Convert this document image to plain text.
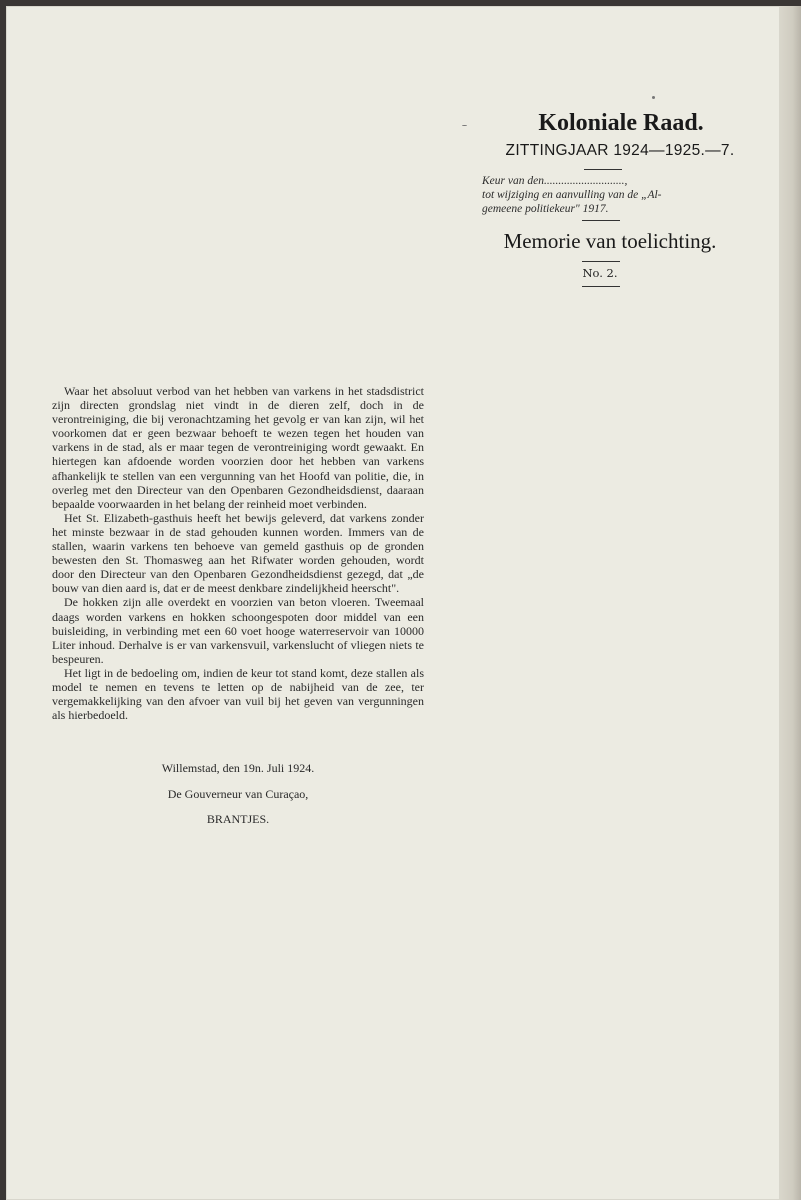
Koloniale Raad.
ZITTINGJAAR 1924—1925.—7.
Keur van den............................,
tot wijziging en aanvulling van de „Al-
gemeene politiekeur" 1917.
Memorie van toelichting.
No. 2.

Waar het absoluut verbod van het hebben van varkens in het stadsdistrict zijn directen grondslag niet vindt in de dieren zelf, doch in de verontreiniging, die bij veronachtzaming het gevolg er van kan zijn, wil het voorkomen dat er geen bezwaar behoeft te wezen tegen het houden van varkens in de stad, als er maar tegen de verontreiniging wordt gewaakt. En hiertegen kan afdoende worden voorzien door het hebben van varkens afhankelijk te stellen van een vergunning van het Hoofd van politie, die, in overleg met den Directeur van den Openbaren Gezondheidsdienst, daaraan bepaalde voorwaarden in het belang der reinheid moet verbinden.

Het St. Elizabeth-gasthuis heeft het bewijs geleverd, dat varkens zonder het minste bezwaar in de stad gehouden kunnen worden. Immers van de stallen, waarin varkens ten behoeve van gemeld gasthuis op de gronden bewesten den St. Thomasweg aan het Rifwater worden gehouden, wordt door den Directeur van den Openbaren Gezondheidsdienst gezegd, dat „de bouw van dien aard is, dat er de meest denkbare zindelijkheid heerscht".

De hokken zijn alle overdekt en voorzien van beton vloeren. Tweemaal daags worden varkens en hokken schoongespoten door middel van een buisleiding, in verbinding met een 60 voet hooge waterreservoir van 10000 Liter inhoud. Derhalve is er van varkensvuil, varkenslucht of vliegen niets te bespeuren.

Het ligt in de bedoeling om, indien de keur tot stand komt, deze stallen als model te nemen en tevens te letten op de nabijheid van de zee, ter vergemakkelijking van den afvoer van vuil bij het geven van vergunningen als hierbedoeld.

Willemstad, den 19n. Juli 1924.
De Gouverneur van Curaçao,
BRANTJES.
